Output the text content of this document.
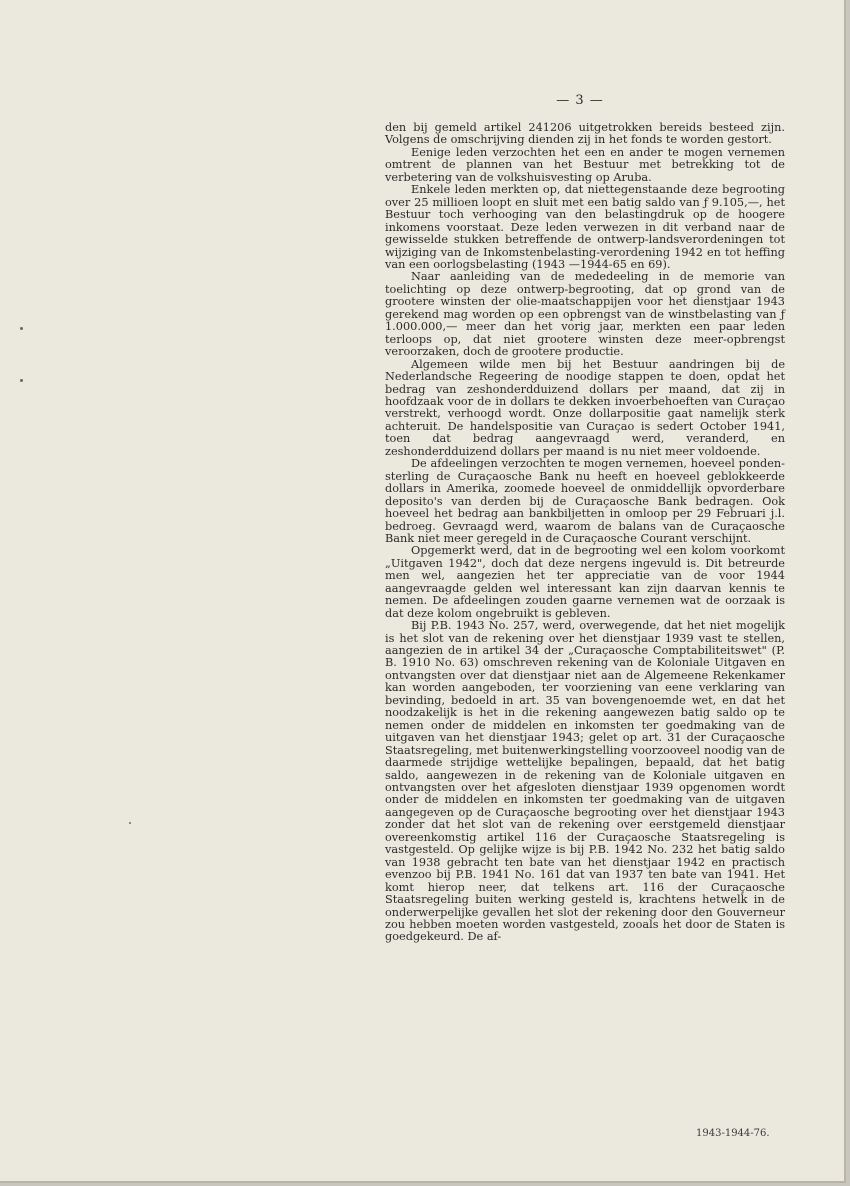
— 3 —

den bij gemeld artikel 241206 uitgetrokken bereids besteed zijn. Volgens de omschrijving dienden zij in het fonds te worden gestort.

Eenige leden verzochten het een en ander te mogen vernemen omtrent de plannen van het Bestuur met betrekking tot de verbetering van de volkshuisvesting op Aruba.

Enkele leden merkten op, dat niettegenstaande deze begrooting over 25 millioen loopt en sluit met een batig saldo van ƒ 9.105,—, het Bestuur toch verhooging van den belastingdruk op de hoogere inkomens voorstaat. Deze leden verwezen in dit verband naar de gewisselde stukken betreffende de ontwerp-landsverordeningen tot wijziging van de Inkomstenbelasting-verordening 1942 en tot heffing van een oorlogsbelasting (1943 —1944-65 en 69).

Naar aanleiding van de mededeeling in de memorie van toelichting op deze ontwerp-begrooting, dat op grond van de grootere winsten der olie-maatschappijen voor het dienstjaar 1943 gerekend mag worden op een opbrengst van de winstbelasting van ƒ 1.000.000,— meer dan het vorig jaar, merkten een paar leden terloops op, dat niet grootere winsten deze meer-opbrengst veroorzaken, doch de grootere productie.

Algemeen wilde men bij het Bestuur aandringen bij de Nederlandsche Regeering de noodige stappen te doen, opdat het bedrag van zeshonderdduizend dollars per maand, dat zij in hoofdzaak voor de in dollars te dekken invoerbehoeften van Curaçao verstrekt, verhoogd wordt. Onze dollarpositie gaat namelijk sterk achteruit. De handelspositie van Curaçao is sedert October 1941, toen dat bedrag aangevraagd werd, veranderd, en zeshonderdduizend dollars per maand is nu niet meer voldoende.

De afdeelingen verzochten te mogen vernemen, hoeveel ponden-sterling de Curaçaosche Bank nu heeft en hoeveel geblokkeerde dollars in Amerika, zoomede hoeveel de onmiddellijk opvorderbare deposito's van derden bij de Curaçaosche Bank bedragen. Ook hoeveel het bedrag aan bankbiljetten in omloop per 29 Februari j.l. bedroeg. Gevraagd werd, waarom de balans van de Curaçaosche Bank niet meer geregeld in de Curaçaosche Courant verschijnt.

Opgemerkt werd, dat in de begrooting wel een kolom voorkomt „Uitgaven 1942", doch dat deze nergens ingevuld is. Dit betreurde men wel, aangezien het ter appreciatie van de voor 1944 aangevraagde gelden wel interessant kan zijn daarvan kennis te nemen. De afdeelingen zouden gaarne vernemen wat de oorzaak is dat deze kolom ongebruikt is gebleven.

Bij P.B. 1943 No. 257, werd, overwegende, dat het niet mogelijk is het slot van de rekening over het dienstjaar 1939 vast te stellen, aangezien de in artikel 34 der „Curaçaosche Comptabiliteitswet" (P. B. 1910 No. 63) omschreven rekening van de Koloniale Uitgaven en ontvangsten over dat dienstjaar niet aan de Algemeene Rekenkamer kan worden aangeboden, ter voorziening van eene verklaring van bevinding, bedoeld in art. 35 van bovengenoemde wet, en dat het noodzakelijk is het in die rekening aangewezen batig saldo op te nemen onder de middelen en inkomsten ter goedmaking van de uitgaven van het dienstjaar 1943; gelet op art. 31 der Curaçaosche Staatsregeling, met buitenwerkingstelling voorzooveel noodig van de daarmede strijdige wettelijke bepalingen, bepaald, dat het batig saldo, aangewezen in de rekening van de Koloniale uitgaven en ontvangsten over het afgesloten dienstjaar 1939 opgenomen wordt onder de middelen en inkomsten ter goedmaking van de uitgaven aangegeven op de Curaçaosche begrooting over het dienstjaar 1943 zonder dat het slot van de rekening over eerstgemeld dienstjaar overeenkomstig artikel 116 der Curaçaosche Staatsregeling is vastgesteld. Op gelijke wijze is bij P.B. 1942 No. 232 het batig saldo van 1938 gebracht ten bate van het dienstjaar 1942 en practisch evenzoo bij P.B. 1941 No. 161 dat van 1937 ten bate van 1941. Het komt hierop neer, dat telkens art. 116 der Curaçaosche Staatsregeling buiten werking gesteld is, krachtens hetwelk in de onderwerpelijke gevallen het slot der rekening door den Gouverneur zou hebben moeten worden vastgesteld, zooals het door de Staten is goedgekeurd. De af-

1943-1944-76.
